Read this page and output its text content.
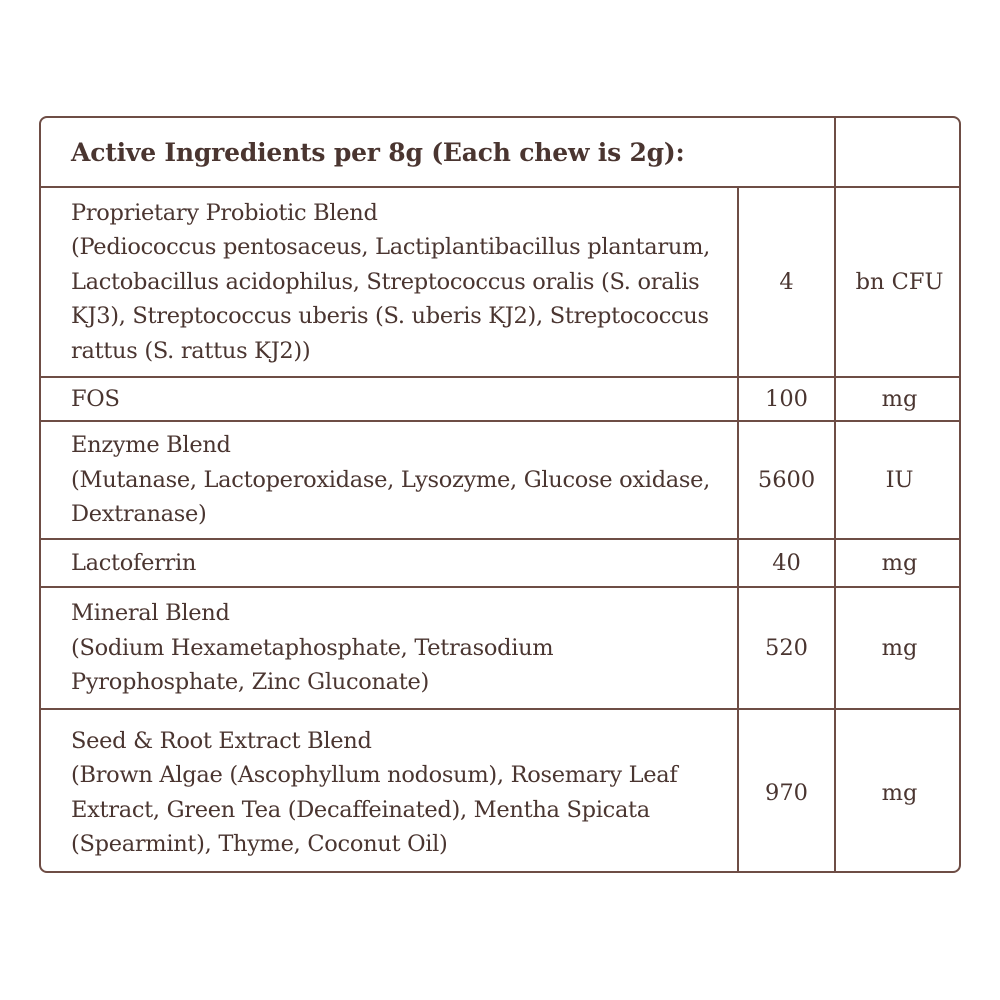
Active Ingredients per 8g (Each chew is 2g):		

Proprietary Probiotic Blend
(Pediococcus pentosaceus, Lactiplantibacillus plantarum, Lactobacillus acidophilus, Streptococcus oralis (S. oralis KJ3), Streptococcus uberis (S. uberis KJ2), Streptococcus rattus (S. rattus KJ2))	4	bn CFU

FOS	100	mg

Enzyme Blend
(Mutanase, Lactoperoxidase, Lysozyme, Glucose oxidase, Dextranase)	5600	IU

Lactoferrin	40	mg

Mineral Blend
(Sodium Hexametaphosphate, Tetrasodium Pyrophosphate, Zinc Gluconate)	520	mg

Seed & Root Extract Blend
(Brown Algae (Ascophyllum nodosum), Rosemary Leaf Extract, Green Tea (Decaffeinated), Mentha Spicata (Spearmint), Thyme, Coconut Oil)	970	mg
